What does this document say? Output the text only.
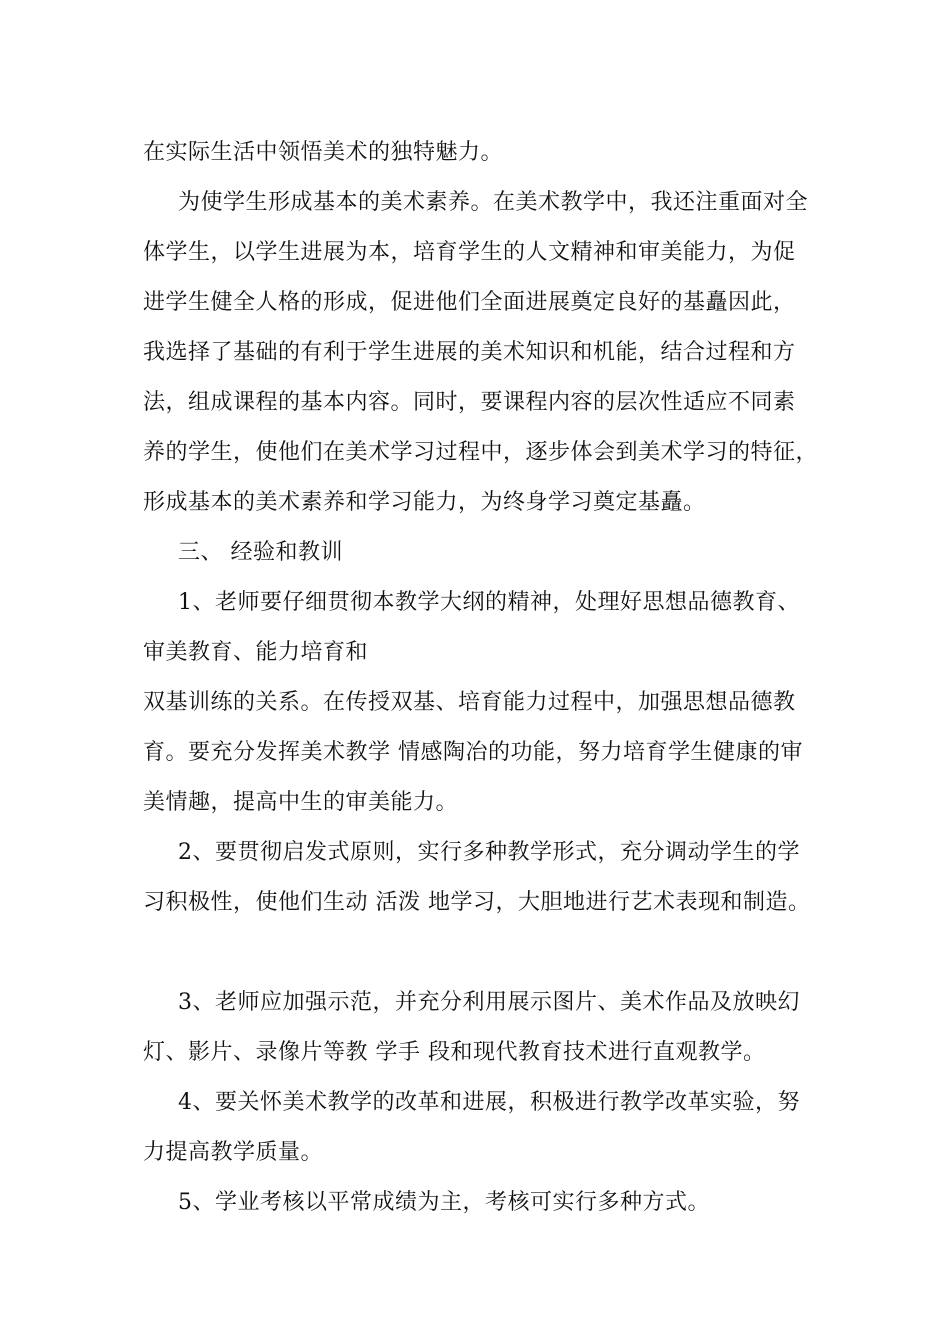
在实际生活中领悟美术的独特魅力。
为使学生形成基本的美术素养。在美术教学中，我还注重面对全
体学生，以学生进展为本，培育学生的人文精神和审美能力，为促
进学生健全人格的形成，促进他们全面进展奠定良好的基矗因此，
我选择了基础的有利于学生进展的美术知识和机能，结合过程和方
法，组成课程的基本内容。同时，要课程内容的层次性适应不同素
养的学生，使他们在美术学习过程中，逐步体会到美术学习的特征，
形成基本的美术素养和学习能力，为终身学习奠定基矗。
三、 经验和教训
1、老师要仔细贯彻本教学大纲的精神，处理好思想品德教育、
审美教育、能力培育和
双基训练的关系。在传授双基、培育能力过程中，加强思想品德教
育。要充分发挥美术教学 情感陶冶的功能，努力培育学生健康的审
美情趣，提高中生的审美能力。
2、要贯彻启发式原则，实行多种教学形式，充分调动学生的学
习积极性，使他们生动 活泼 地学习，大胆地进行艺术表现和制造。
3、老师应加强示范，并充分利用展示图片、美术作品及放映幻
灯、影片、录像片等教 学手 段和现代教育技术进行直观教学。
4、要关怀美术教学的改革和进展，积极进行教学改革实验，努
力提高教学质量。
5、学业考核以平常成绩为主，考核可实行多种方式。
